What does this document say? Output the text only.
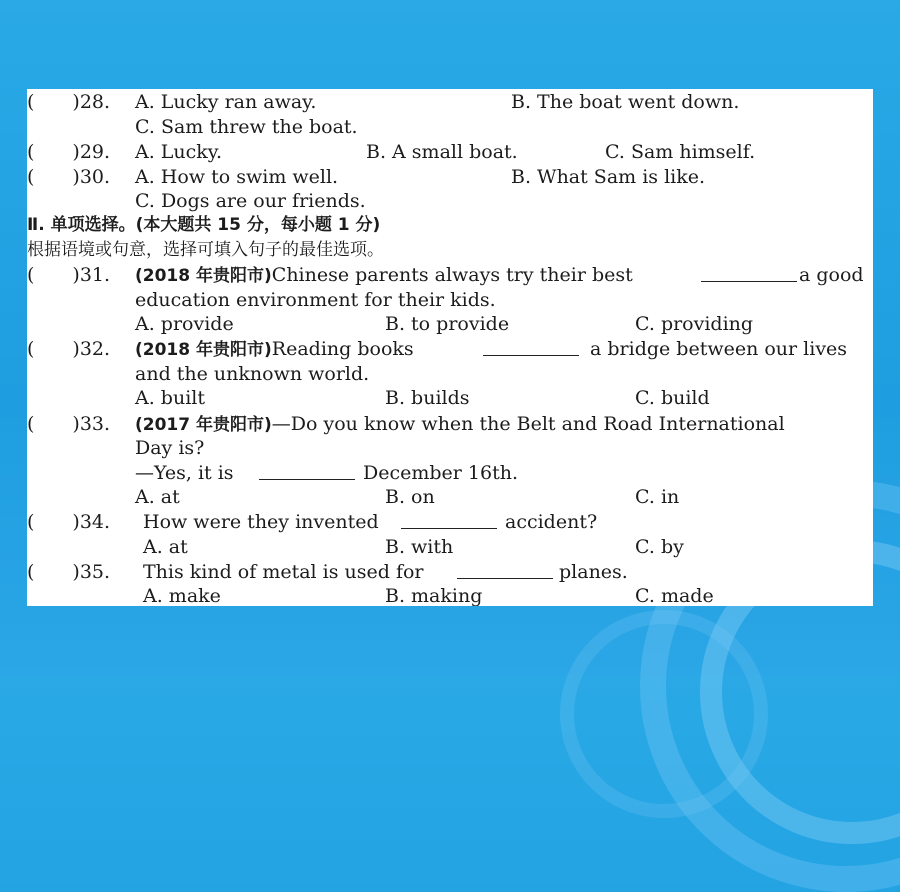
(　　)28. A. Lucky ran away.	B. The boat went down.
C. Sam threw the boat.
(　　)29. A. Lucky.	B. A small boat.	C. Sam himself.
(　　)30. A. How to swim well.	B. What Sam is like.
C. Dogs are our friends.
Ⅱ. 单项选择。(本大题共 15 分，每小题 1 分)
根据语境或句意，选择可填入句子的最佳选项。
(　　)31. (2018 年贵阳市)Chinese parents always try their best	a good
education environment for their kids.
A. provide	B. to provide	C. providing
(　　)32. (2018 年贵阳市)Reading books	a bridge between our lives
and the unknown world.
A. built	B. builds	C. build
(　　)33. (2017 年贵阳市)—Do you know when the Belt and Road International
Day is?
—Yes, it is	December 16th.
A. at	B. on	C. in
(　　)34. How were they invented	accident?
A. at	B. with	C. by
(　　)35. This kind of metal is used for	planes.
A. make	B. making	C. made
